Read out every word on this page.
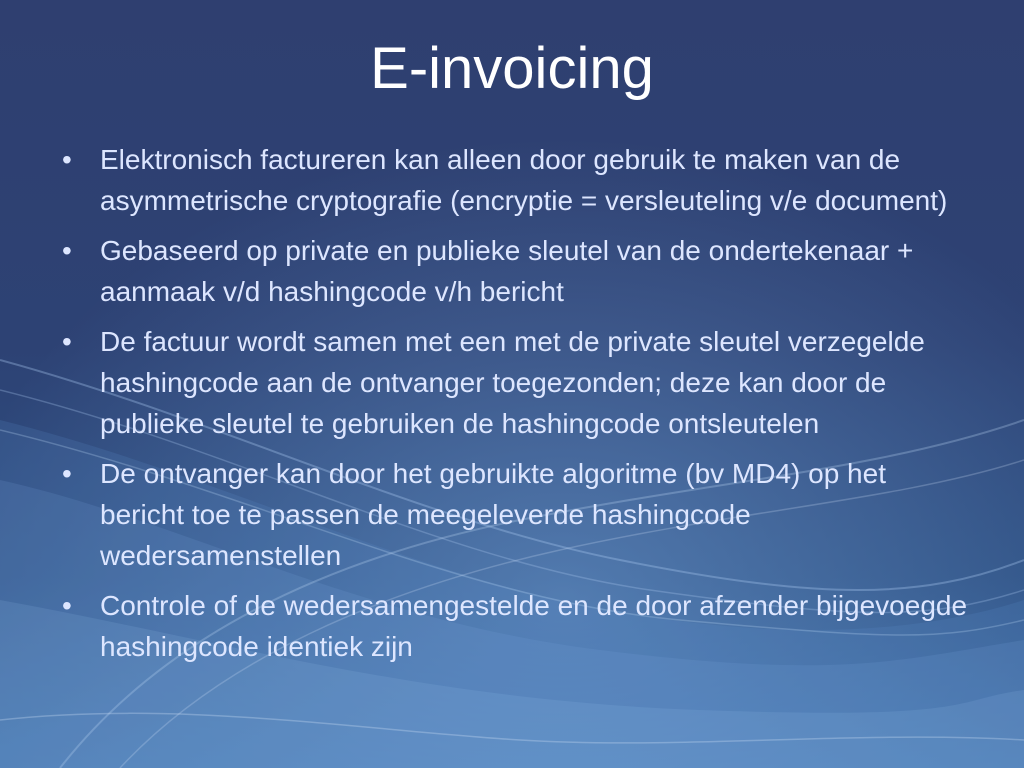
E-invoicing
• Elektronisch factureren kan alleen door gebruik te maken van de asymmetrische cryptografie (encryptie = versleuteling v/e document)
• Gebaseerd op private en publieke sleutel van de ondertekenaar + aanmaak v/d hashingcode v/h bericht
• De factuur wordt samen met een met de private sleutel verzegelde hashingcode aan de ontvanger toegezonden; deze kan door de publieke sleutel te gebruiken de hashingcode ontsleutelen
• De ontvanger kan door het gebruikte algoritme (bv MD4) op het bericht toe te passen de meegeleverde hashingcode wedersamenstellen
• Controle of de wedersamengestelde en de door afzender bijgevoegde hashingcode identiek zijn
